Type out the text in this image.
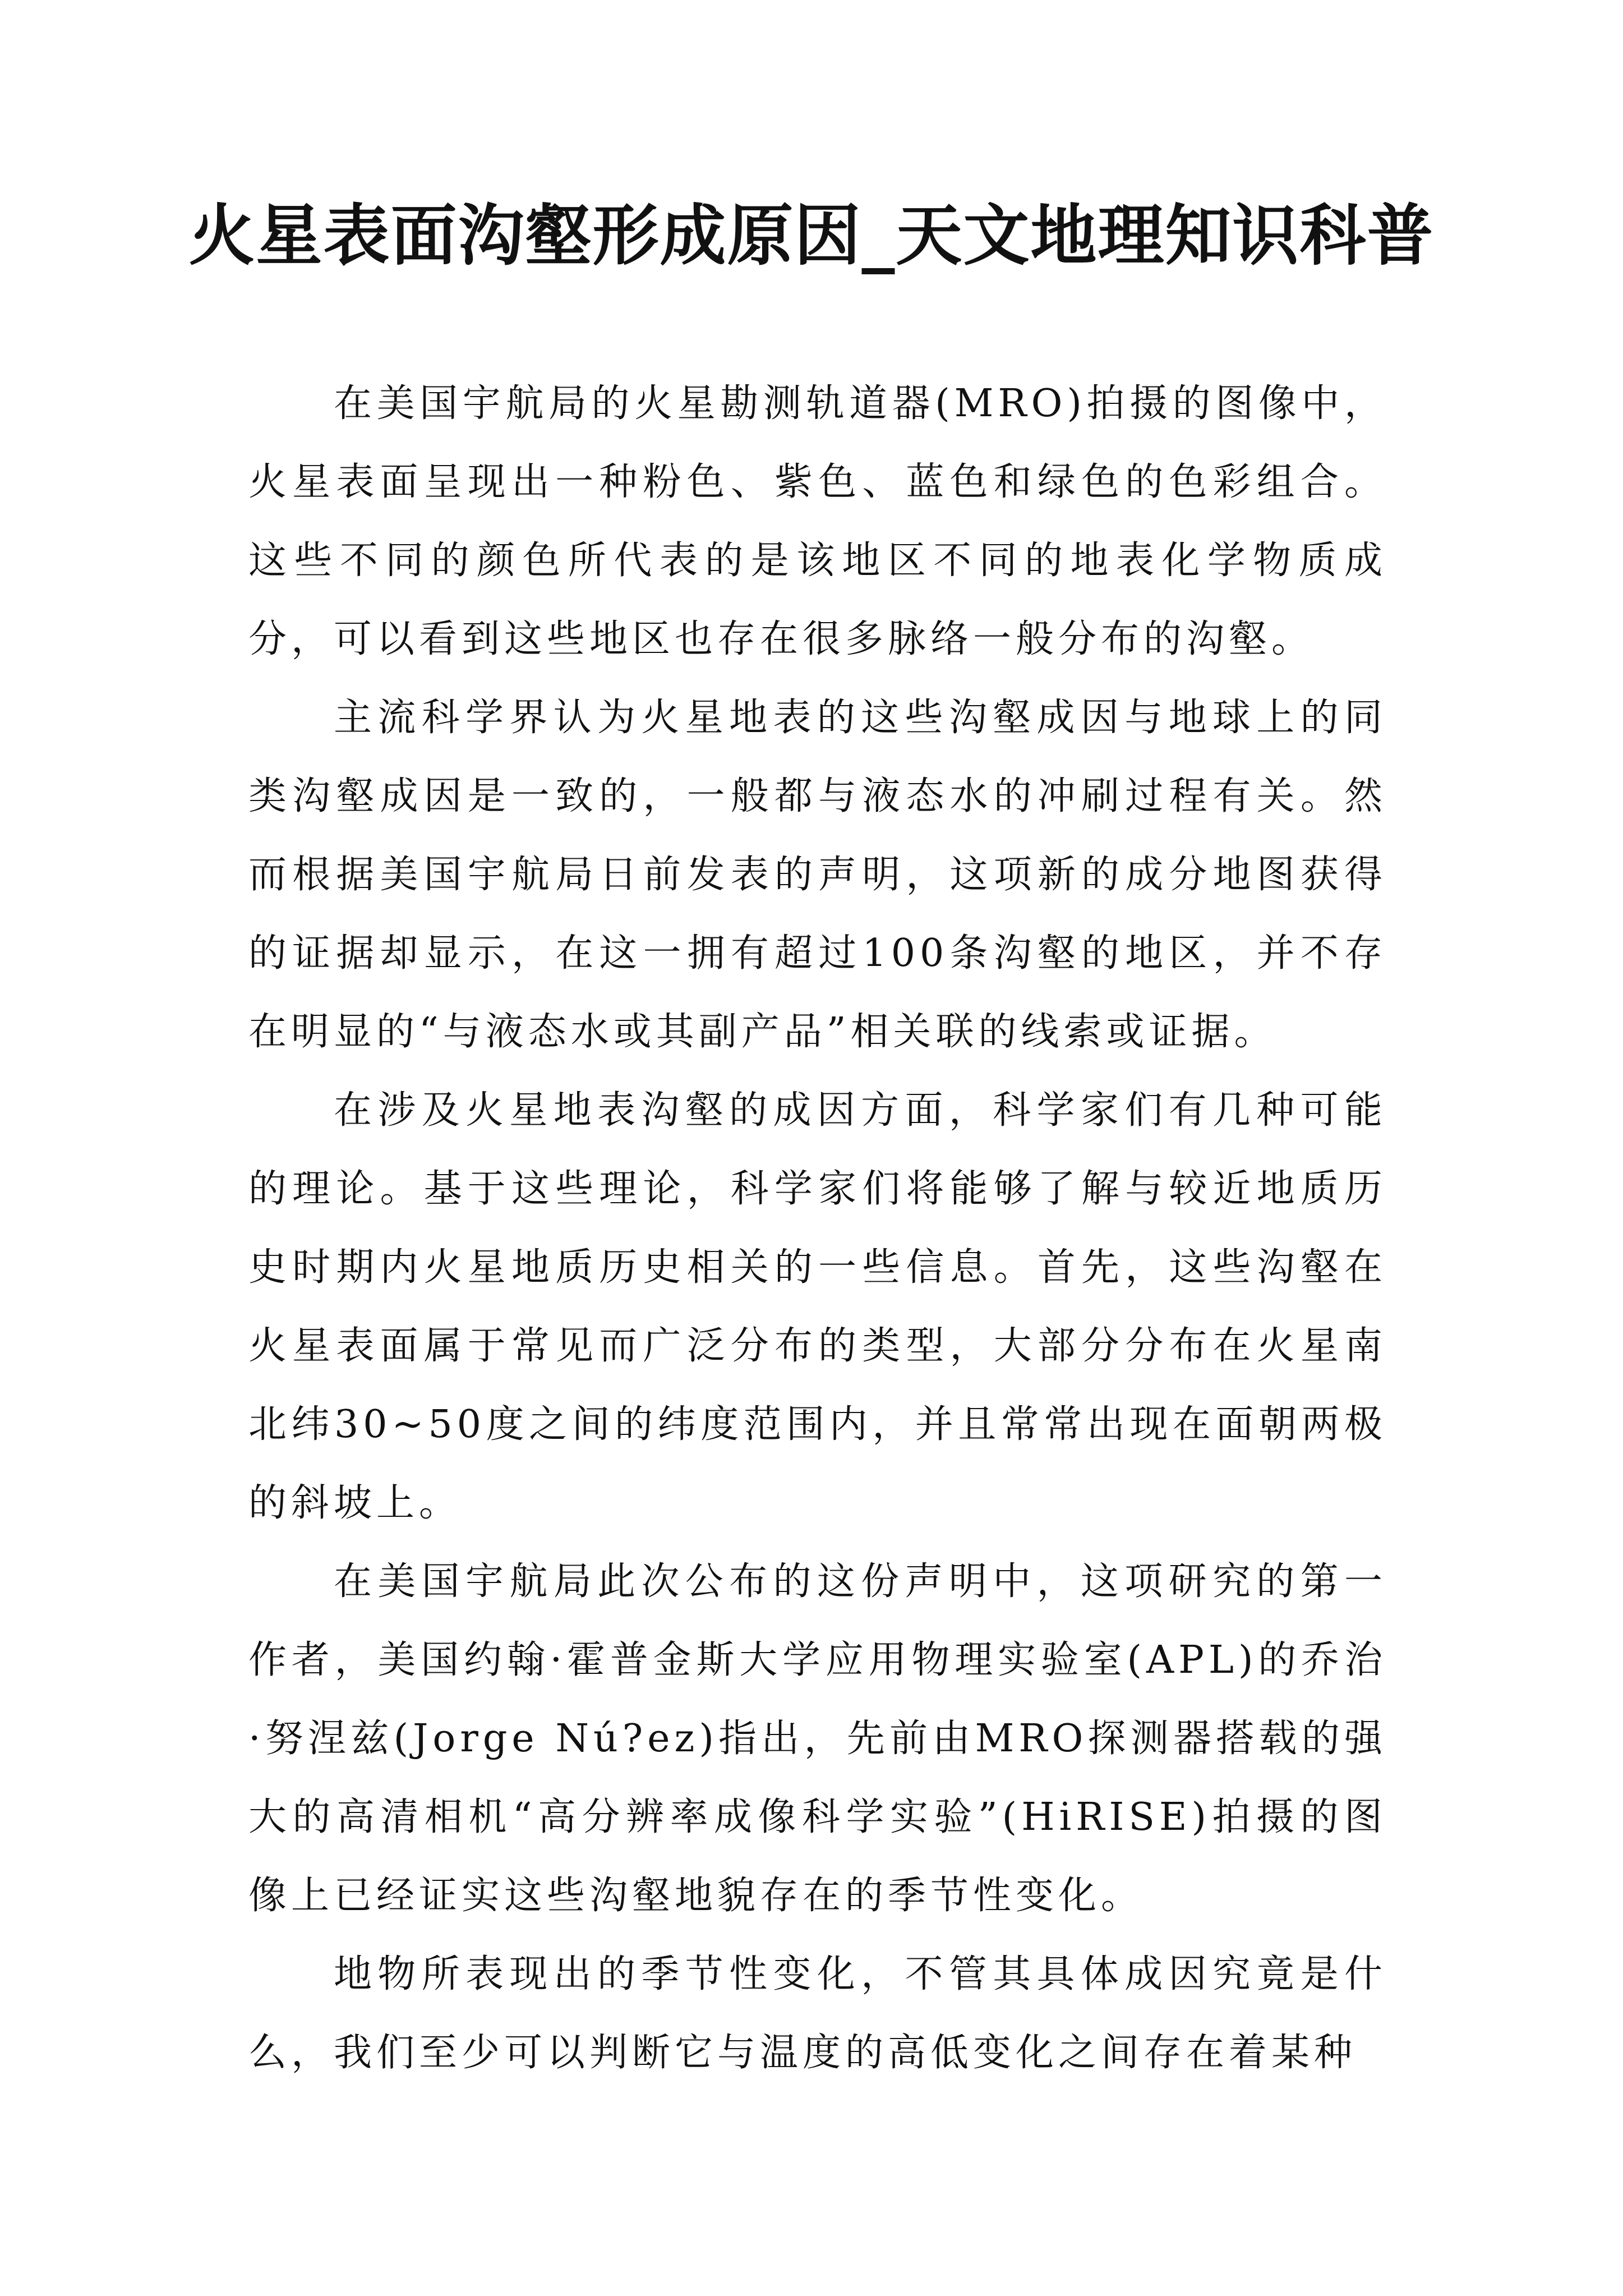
火星表面沟壑形成原因_天文地理知识科普

在美国宇航局的火星勘测轨道器(MRO)拍摄的图像中，火星表面呈现出一种粉色、紫色、蓝色和绿色的色彩组合。这些不同的颜色所代表的是该地区不同的地表化学物质成分，可以看到这些地区也存在很多脉络一般分布的沟壑。

主流科学界认为火星地表的这些沟壑成因与地球上的同类沟壑成因是一致的，一般都与液态水的冲刷过程有关。然而根据美国宇航局日前发表的声明，这项新的成分地图获得的证据却显示，在这一拥有超过100条沟壑的地区，并不存在明显的“与液态水或其副产品”相关联的线索或证据。

在涉及火星地表沟壑的成因方面，科学家们有几种可能的理论。基于这些理论，科学家们将能够了解与较近地质历史时期内火星地质历史相关的一些信息。首先，这些沟壑在火星表面属于常见而广泛分布的类型，大部分分布在火星南北纬30~50度之间的纬度范围内，并且常常出现在面朝两极的斜坡上。

在美国宇航局此次公布的这份声明中，这项研究的第一作者，美国约翰·霍普金斯大学应用物理实验室(APL)的乔治·努涅兹(Jorge Nú?ez)指出，先前由MRO探测器搭载的强大的高清相机“高分辨率成像科学实验”(HiRISE)拍摄的图像上已经证实这些沟壑地貌存在的季节性变化。

地物所表现出的季节性变化，不管其具体成因究竟是什么，我们至少可以判断它与温度的高低变化之间存在着某种
